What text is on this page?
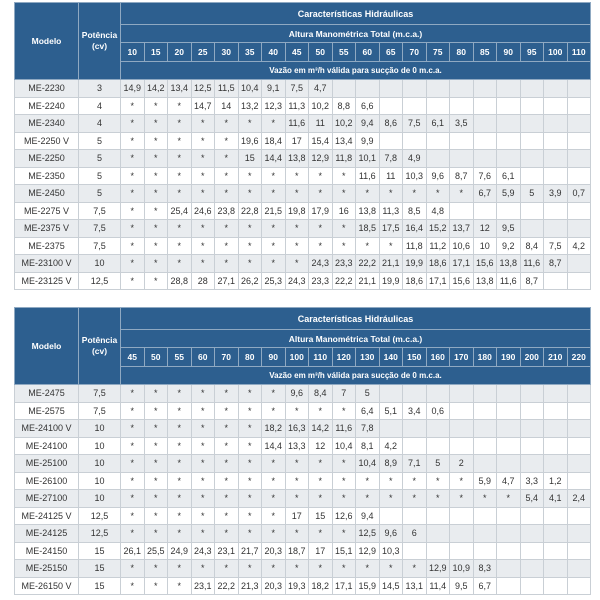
Modelo	Potência
(cv)	Características Hidráulicas																			
		Altura Manométrica Total (m.c.a.)																			
		10	15	20	25	30	35	40	45	50	55	60	65	70	75	80	85	90	95	100	110
		Vazão em m³/h válida para sucção de 0 m.c.a.																			
ME-2230	3	14,9	14,2	13,4	12,5	11,5	10,4	9,1	7,5	4,7											
ME-2240	4	*	*	*	14,7	14	13,2	12,3	11,3	10,2	8,8	6,6									
ME-2340	4	*	*	*	*	*	*	*	11,6	11	10,2	9,4	8,6	7,5	6,1	3,5					
ME-2250 V	5	*	*	*	*	*	19,6	18,4	17	15,4	13,4	9,9									
ME-2250	5	*	*	*	*	*	15	14,4	13,8	12,9	11,8	10,1	7,8	4,9							
ME-2350	5	*	*	*	*	*	*	*	*	*	*	11,6	11	10,3	9,6	8,7	7,6	6,1			
ME-2450	5	*	*	*	*	*	*	*	*	*	*	*	*	*	*	*	6,7	5,9	5	3,9	0,7
ME-2275 V	7,5	*	*	25,4	24,6	23,8	22,8	21,5	19,8	17,9	16	13,8	11,3	8,5	4,8						
ME-2375 V	7,5	*	*	*	*	*	*	*	*	*	*	18,5	17,5	16,4	15,2	13,7	12	9,5			
ME-2375	7,5	*	*	*	*	*	*	*	*	*	*	*	*	11,8	11,2	10,6	10	9,2	8,4	7,5	4,2
ME-23100 V	10	*	*	*	*	*	*	*	*	24,3	23,3	22,2	21,1	19,9	18,6	17,1	15,6	13,8	11,6	8,7	
ME-23125 V	12,5	*	*	28,8	28	27,1	26,2	25,3	24,3	23,3	22,2	21,1	19,9	18,6	17,1	15,6	13,8	11,6	8,7		
Modelo	Potência
(cv)	Características Hidráulicas																			
		Altura Manométrica Total (m.c.a.)																			
		45	50	55	60	70	80	90	100	110	120	130	140	150	160	170	180	190	200	210	220
		Vazão em m³/h válida para sucção de 0 m.c.a.																			
ME-2475	7,5	*	*	*	*	*	*	*	9,6	8,4	7	5									
ME-2575	7,5	*	*	*	*	*	*	*	*	*	*	6,4	5,1	3,4	0,6						
ME-24100 V	10	*	*	*	*	*	*	18,2	16,3	14,2	11,6	7,8									
ME-24100	10	*	*	*	*	*	*	14,4	13,3	12	10,4	8,1	4,2								
ME-25100	10	*	*	*	*	*	*	*	*	*	*	10,4	8,9	7,1	5	2					
ME-26100	10	*	*	*	*	*	*	*	*	*	*	*	*	*	*	*	5,9	4,7	3,3	1,2	
ME-27100	10	*	*	*	*	*	*	*	*	*	*	*	*	*	*	*	*	*	5,4	4,1	2,4
ME-24125 V	12,5	*	*	*	*	*	*	*	17	15	12,6	9,4									
ME-24125	12,5	*	*	*	*	*	*	*	*	*	*	12,5	9,6	6							
ME-24150	15	26,1	25,5	24,9	24,3	23,1	21,7	20,3	18,7	17	15,1	12,9	10,3								
ME-25150	15	*	*	*	*	*	*	*	*	*	*	*	*	*	12,9	10,9	8,3				
ME-26150 V	15	*	*	*	23,1	22,2	21,3	20,3	19,3	18,2	17,1	15,9	14,5	13,1	11,4	9,5	6,7				
